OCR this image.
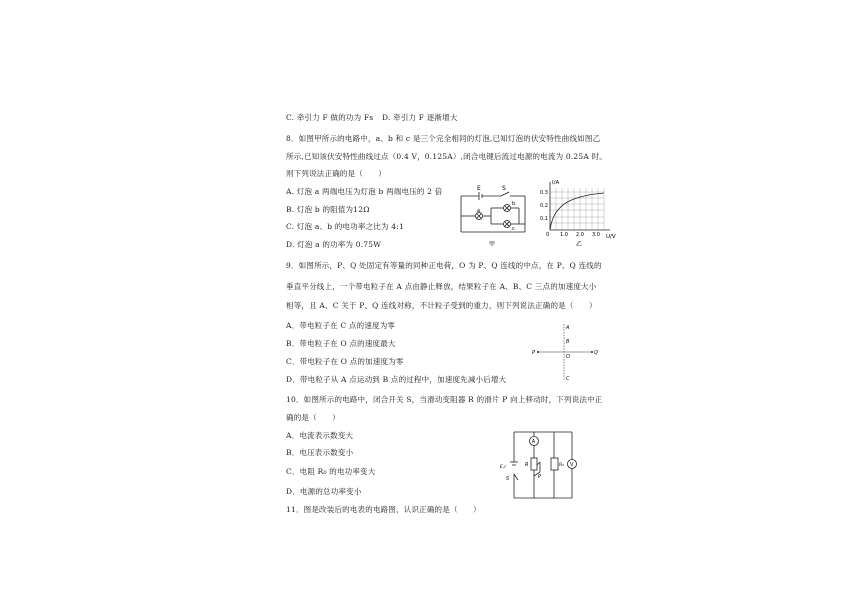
C. 牵引力 F 做的功为 Fs D. 牵引力 F 逐渐增大
8．如图甲所示的电路中，a、b 和 c 是三个完全相同的灯泡,已知灯泡的伏安特性曲线如图乙
所示,已知该伏安特性曲线过点（0.4 V，0.125A）,闭合电键后流过电源的电流为 0.25A 时。
则下列说法正确的是（　　）
A. 灯泡 a 两端电压为灯泡 b 两端电压的 2 倍
B. 灯泡 b 的阻值为12Ω
C. 灯泡 a、b 的电功率之比为 4:1
D. 灯泡 a 的功率为 0.75W
E	S
a
b
c
甲
I/A
U/V
0.3
0.2
0.1
0 1.0 2.0 3.0
乙
9．如图所示，P、Q 处固定有等量的同种正电荷，O 为 P、Q 连线的中点，在 P、Q 连线的
垂直平分线上，一个带电粒子在 A 点由静止释放，结果粒子在 A、B、C 三点的加速度大小
相等，且 A、C 关于 P、Q 连线对称，不计粒子受到的重力，则下列说法正确的是（　　）
A．带电粒子在 C 点的速度为零
B．带电粒子在 O 点的速度最大
C．带电粒子在 O 点的加速度为零
D．带电粒子从 A 点运动到 B 点的过程中，加速度先减小后增大
A
B
P
O
Q
C
10．如图所示的电路中，闭合开关 S，当滑动变阻器 R 的滑片 P 向上移动时，下列说法中正
确的是（　　）
A．电流表示数变大
B．电压表示数变小
C．电阻 R₀ 的电功率变大
D．电源的总功率变小
A
V
E,r	R
P
R₀
S
11．图是改装后的电表的电路图，认识正确的是（　　）
